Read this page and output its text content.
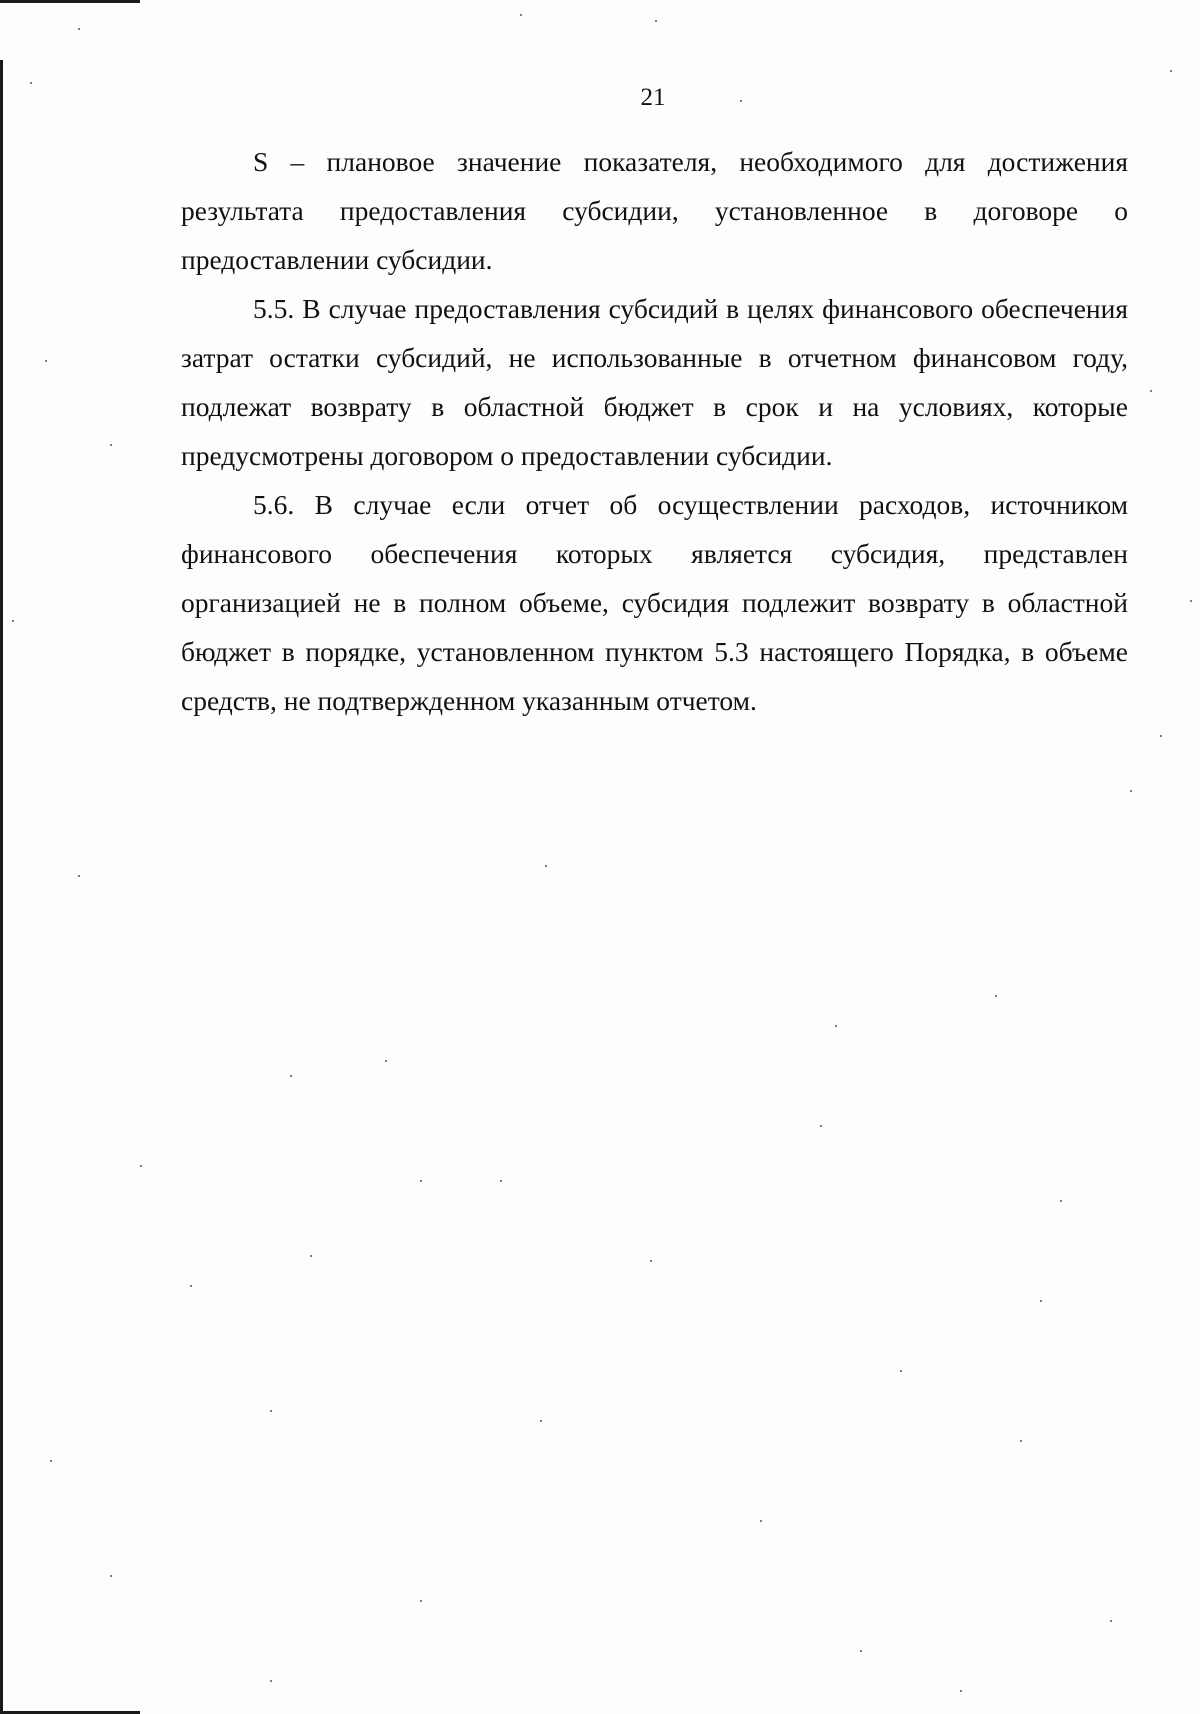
21

S – плановое значение показателя, необходимого для достижения результата предоставления субсидии, установленное в договоре о предоставлении субсидии.

5.5. В случае предоставления субсидий в целях финансового обеспечения затрат остатки субсидий, не использованные в отчетном финансовом году, подлежат возврату в областной бюджет в срок и на условиях, которые предусмотрены договором о предоставлении субсидии.

5.6. В случае если отчет об осуществлении расходов, источником финансового обеспечения которых является субсидия, представлен организацией не в полном объеме, субсидия подлежит возврату в областной бюджет в порядке, установленном пунктом 5.3 настоящего Порядка, в объеме средств, не подтвержденном указанным отчетом.
